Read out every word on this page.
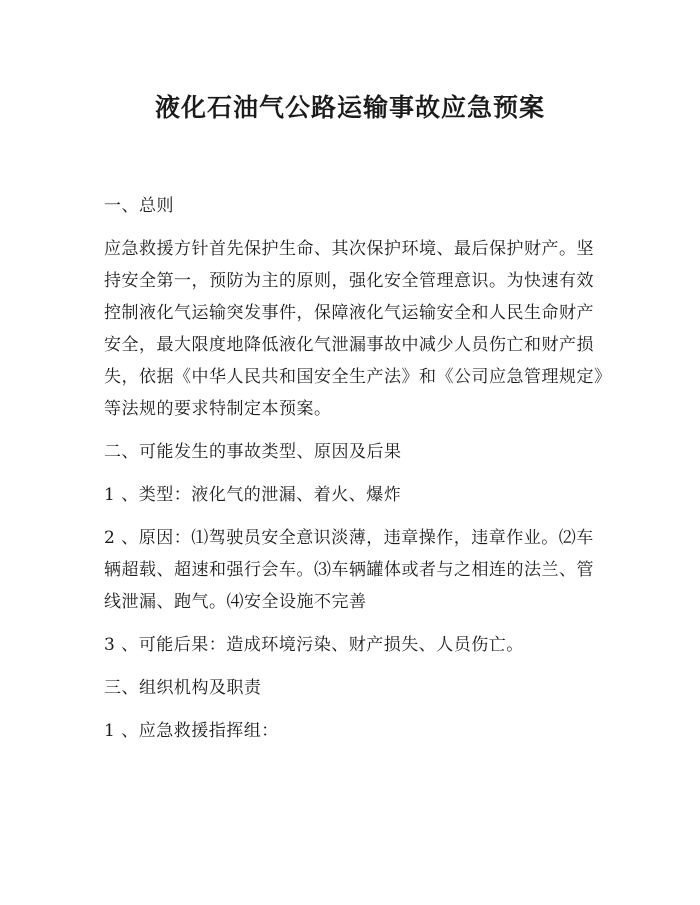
液化石油气公路运输事故应急预案

一、总则

应急救援方针首先保护生命、其次保护环境、最后保护财产。坚持安全第一，预防为主的原则，强化安全管理意识。为快速有效控制液化气运输突发事件，保障液化气运输安全和人民生命财产安全，最大限度地降低液化气泄漏事故中减少人员伤亡和财产损失，依据《中华人民共和国安全生产法》和《公司应急管理规定》等法规的要求特制定本预案。

二、可能发生的事故类型、原因及后果

1 、类型：液化气的泄漏、着火、爆炸

2 、原因：⑴驾驶员安全意识淡薄，违章操作，违章作业。⑵车辆超载、超速和强行会车。⑶车辆罐体或者与之相连的法兰、管线泄漏、跑气。⑷安全设施不完善

3 、可能后果：造成环境污染、财产损失、人员伤亡。

三、组织机构及职责

1 、应急救援指挥组：
